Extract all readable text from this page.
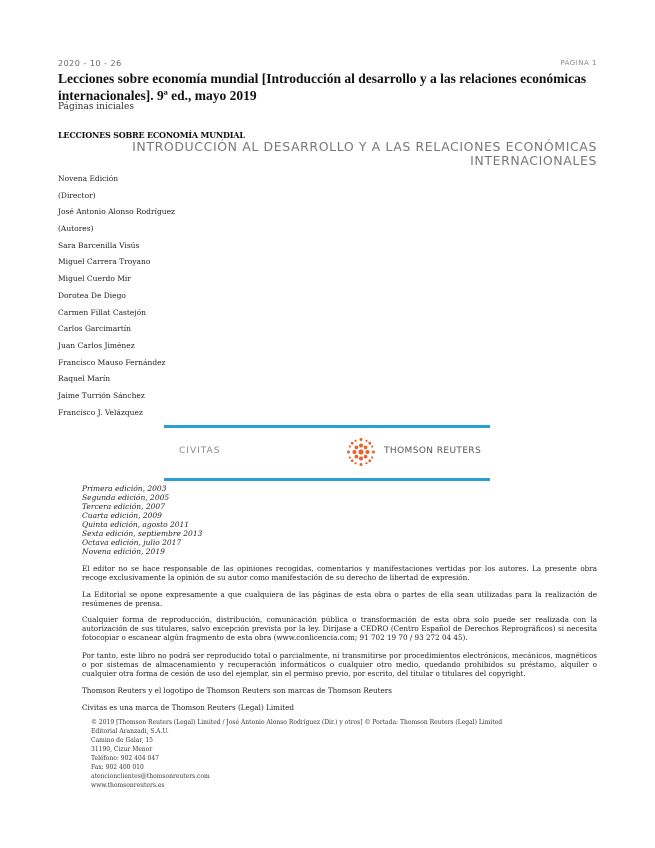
2020 - 10 - 26	PÁGINA 1
Lecciones sobre economía mundial [Introducción al desarrollo y a las relaciones económicas internacionales]. 9ª ed., mayo 2019
Páginas iniciales
LECCIONES SOBRE ECONOMÍA MUNDIAL
INTRODUCCIÓN AL DESARROLLO Y A LAS RELACIONES ECONÓMICAS INTERNACIONALES
Novena Edición
(Director)
José Antonio Alonso Rodríguez
(Autores)
Sara Barcenilla Visús
Miguel Carrera Troyano
Miguel Cuerdo Mir
Dorotea De Diego
Carmen Fillat Castejón
Carlos Garcimartín
Juan Carlos Jiménez
Francisco Mauso Fernández
Raquel Marín
Jaime Turrión Sánchez
Francisco J. Velázquez
CIVITAS	THOMSON REUTERS
Primera edición, 2003
Segunda edición, 2005
Tercera edición, 2007
Cuarta edición, 2009
Quinta edición, agosto 2011
Sexta edición, septiembre 2013
Octava edición, julio 2017
Novena edición, 2019
El editor no se hace responsable de las opiniones recogidas, comentarios y manifestaciones vertidas por los autores. La presente obra recoge exclusivamente la opinión de su autor como manifestación de su derecho de libertad de expresión.
La Editorial se opone expresamente a que cualquiera de las páginas de esta obra o partes de ella sean utilizadas para la realización de resúmenes de prensa.
Cualquier forma de reproducción, distribución, comunicación pública o transformación de esta obra solo puede ser realizada con la autorización de sus titulares, salvo excepción prevista por la ley. Diríjase a CEDRO (Centro Español de Derechos Reprográficos) si necesita fotocopiar o escanear algún fragmento de esta obra (www.conlicencia.com; 91 702 19 70 / 93 272 04 45).
Por tanto, este libro no podrá ser reproducido total o parcialmente, ni transmitirse por procedimientos electrónicos, mecánicos, magnéticos o por sistemas de almacenamiento y recuperación informáticos o cualquier otro medio, quedando prohibidos su préstamo, alquiler o cualquier otra forma de cesión de uso del ejemplar, sin el permiso previo, por escrito, del titular o titulares del copyright.
Thomson Reuters y el logotipo de Thomson Reuters son marcas de Thomson Reuters
Civitas es una marca de Thomson Reuters (Legal) Limited
© 2019 [Thomson Reuters (Legal) Limited / José Antonio Alonso Rodríguez (Dir.) y otros] © Portada: Thomson Reuters (Legal) Limited
Editorial Aranzadi, S.A.U.
Camino de Galar, 15
31190, Cizur Menor
Teléfono: 902 404 047
Fax: 902 400 010
atencionclientes@thomsonreuters.com
www.thomsonreuters.es
